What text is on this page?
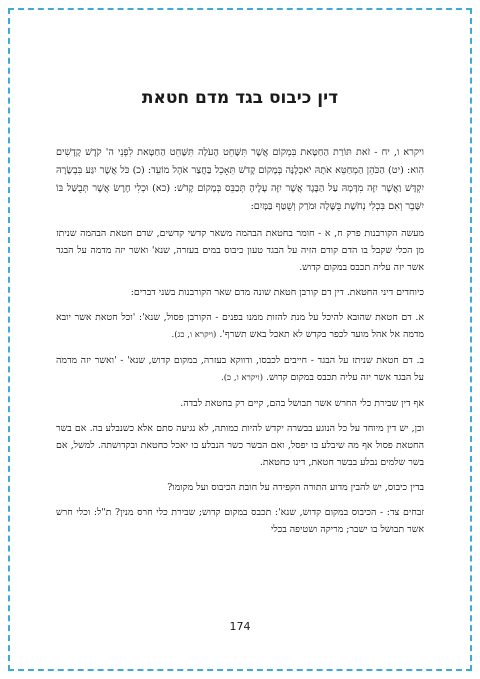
דין כיבוס בגד מדם חטאת

ויקרא ו, יח - זֹאת תּוֹרַת הַחַטָּאת בִּמְקוֹם אֲשֶׁר תִּשָּׁחֵט הָעֹלָה תִּשָּׁחֵט הַחַטָּאת לִפְנֵי ה' קֹדֶשׁ קָדָשִׁים הִוא: (יט) הַכֹּהֵן הַמְחַטֵּא אֹתָהּ יֹאכְלֶנָּה בְּמָקוֹם קָדֹשׁ תֵּאָכֵל בַּחֲצַר אֹהֶל מוֹעֵד: (כ) כֹּל אֲשֶׁר יִגַּע בִּבְשָׂרָהּ יִקְדָּשׁ וַאֲשֶׁר יִזֶּה מִדָּמָהּ עַל הַבֶּגֶד אֲשֶׁר יִזֶּה עָלֶיהָ תְּכַבֵּס בְּמָקוֹם קָדֹשׁ: (כא) וּכְלִי חֶרֶשׂ אֲשֶׁר תְּבֻשַּׁל בּוֹ יִשָּׁבֵר וְאִם בִּכְלִי נְחֹשֶׁת בֻּשָּׁלָה וּמֹרַק וְשֻׁטַּף בַּמָּיִם:

מעשה הקורבנות פרק ח, א - חומר בחטאת הבהמה משאר קדשי קדשים, שדם חטאת הבהמה שניתז מן הכלי שקבל בו הדם קודם הזיה על הבגד טעון כיבוס במים בעזרה, שנא' ואשר יזה מדמה על הבגד אשר יזה עליה תכבס במקום קדוש.

כיוחדים דיני החטאת. דין דם קורבן חטאת שונה מדם שאר הקורבנות בשני דברים:

א. דם חטאת שהובא להיכל על מנת להזות ממנו בפנים - הקורבן פסול, שנא': 'וכל חטאת אשר יובא מדמה אל אהל מועד לכפר בקדש לא תאכל באש תשרף'. (ויקרא ו, כג).

ב. דם חטאת שניתז על הבגד - חייבים לכבסו, ודווקא בעזרה, במקום קדוש, שנא' - 'ואשר יזה מדמה על הבגד אשר יזה עליה תכבס במקום קדוש. (ויקרא ו, כ).

אף דין שבירת כלי החרש אשר תבושל בהם, קיים רק בחטאת לבדה.

וכן, יש דין מיוחד על כל הנוגע בבשרה יקדש להיות כמותה, לא נגיעה סתם אלא כשנבלע בה. אם בשר החטאת פסול אף מה שיבלע בו יפסל, ואם הבשר כשר הנבלע בו יאכל כחטאת ובקדושתה. למשל, אם בשר שלמים נבלע בבשר חטאת, דינו כחטאת.

בדין כיבוס, יש להבין מדוע התורה הקפידה על חובת הכיבוס ועל מקומו?

זבחים צד: - הכיבוס במקום קדוש, שנא': תכבס במקום קדוש; שבירת כלי חרס מנין? ת"ל: וכלי חרש אשר תבושל בו ישבר; מריקה ושטיפה בכלי

174
